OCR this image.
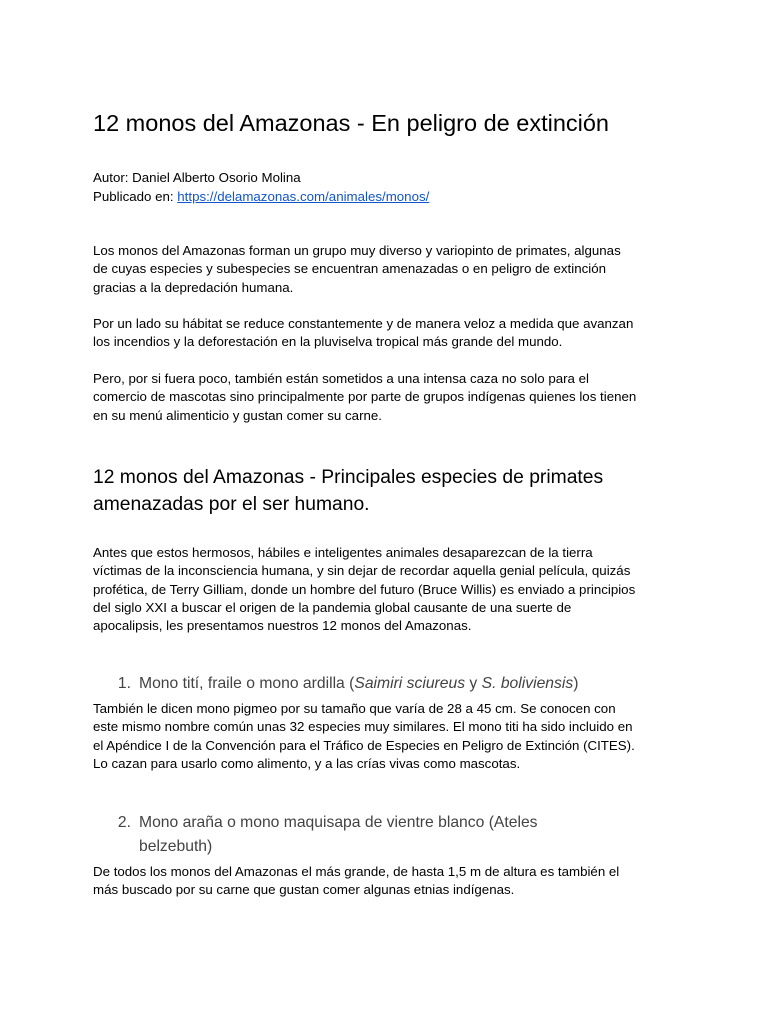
12 monos del Amazonas - En peligro de extinción
Autor: Daniel Alberto Osorio Molina
Publicado en: https://delamazonas.com/animales/monos/
Los monos del Amazonas forman un grupo muy diverso y variopinto de primates, algunas
de cuyas especies y subespecies se encuentran amenazadas o en peligro de extinción
gracias a la depredación humana.
Por un lado su hábitat se reduce constantemente y de manera veloz a medida que avanzan
los incendios y la deforestación en la pluviselva tropical más grande del mundo.
Pero, por si fuera poco, también están sometidos a una intensa caza no solo para el
comercio de mascotas sino principalmente por parte de grupos indígenas quienes los tienen
en su menú alimenticio y gustan comer su carne.
12 monos del Amazonas - Principales especies de primates
amenazadas por el ser humano.
Antes que estos hermosos, hábiles e inteligentes animales desaparezcan de la tierra
víctimas de la inconsciencia humana, y sin dejar de recordar aquella genial película, quizás
profética, de Terry Gilliam, donde un hombre del futuro (Bruce Willis) es enviado a principios
del siglo XXI a buscar el origen de la pandemia global causante de una suerte de
apocalipsis, les presentamos nuestros 12 monos del Amazonas.
1. Mono tití, fraile o mono ardilla (Saimiri sciureus y S. boliviensis)
También le dicen mono pigmeo por su tamaño que varía de 28 a 45 cm. Se conocen con
este mismo nombre común unas 32 especies muy similares. El mono titi ha sido incluido en
el Apéndice I de la Convención para el Tráfico de Especies en Peligro de Extinción (CITES).
Lo cazan para usarlo como alimento, y a las crías vivas como mascotas.
2. Mono araña o mono maquisapa de vientre blanco (Ateles
belzebuth)
De todos los monos del Amazonas el más grande, de hasta 1,5 m de altura es también el
más buscado por su carne que gustan comer algunas etnias indígenas.
